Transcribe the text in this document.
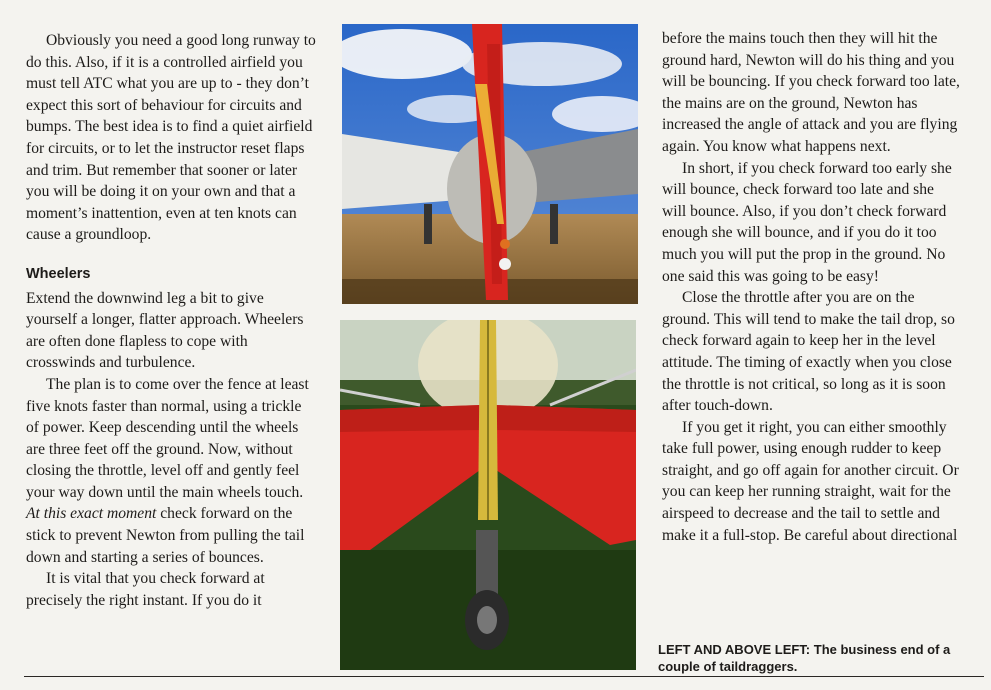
Obviously you need a good long runway to do this. Also, if it is a controlled airfield you must tell ATC what you are up to - they don’t expect this sort of behaviour for circuits and bumps. The best idea is to find a quiet airfield for circuits, or to let the instructor reset flaps and trim. But remember that sooner or later you will be doing it on your own and that a moment’s inattention, even at ten knots can cause a groundloop.

Wheelers

Extend the downwind leg a bit to give yourself a longer, flatter approach. Wheelers are often done flapless to cope with crosswinds and turbulence.

The plan is to come over the fence at least five knots faster than normal, using a trickle of power. Keep descending until the wheels are three feet off the ground. Now, without closing the throttle, level off and gently feel your way down until the main wheels touch. At this exact moment check forward on the stick to prevent Newton from pulling the tail down and starting a series of bounces.

It is vital that you check forward at precisely the right instant. If you do it

before the mains touch then they will hit the ground hard, Newton will do his thing and you will be bouncing. If you check forward too late, the mains are on the ground, Newton has increased the angle of attack and you are flying again. You know what happens next.

In short, if you check forward too early she will bounce, check forward too late and she will bounce. Also, if you don’t check forward enough she will bounce, and if you do it too much you will put the prop in the ground. No one said this was going to be easy!

Close the throttle after you are on the ground. This will tend to make the tail drop, so check forward again to keep her in the level attitude. The timing of exactly when you close the throttle is not critical, so long as it is soon after touch-down.

If you get it right, you can either smoothly take full power, using enough rudder to keep straight, and go off again for another circuit. Or you can keep her running straight, wait for the airspeed to decrease and the tail to settle and make it a full-stop. Be careful about directional

LEFT AND ABOVE LEFT: The business end of a couple of taildraggers.
